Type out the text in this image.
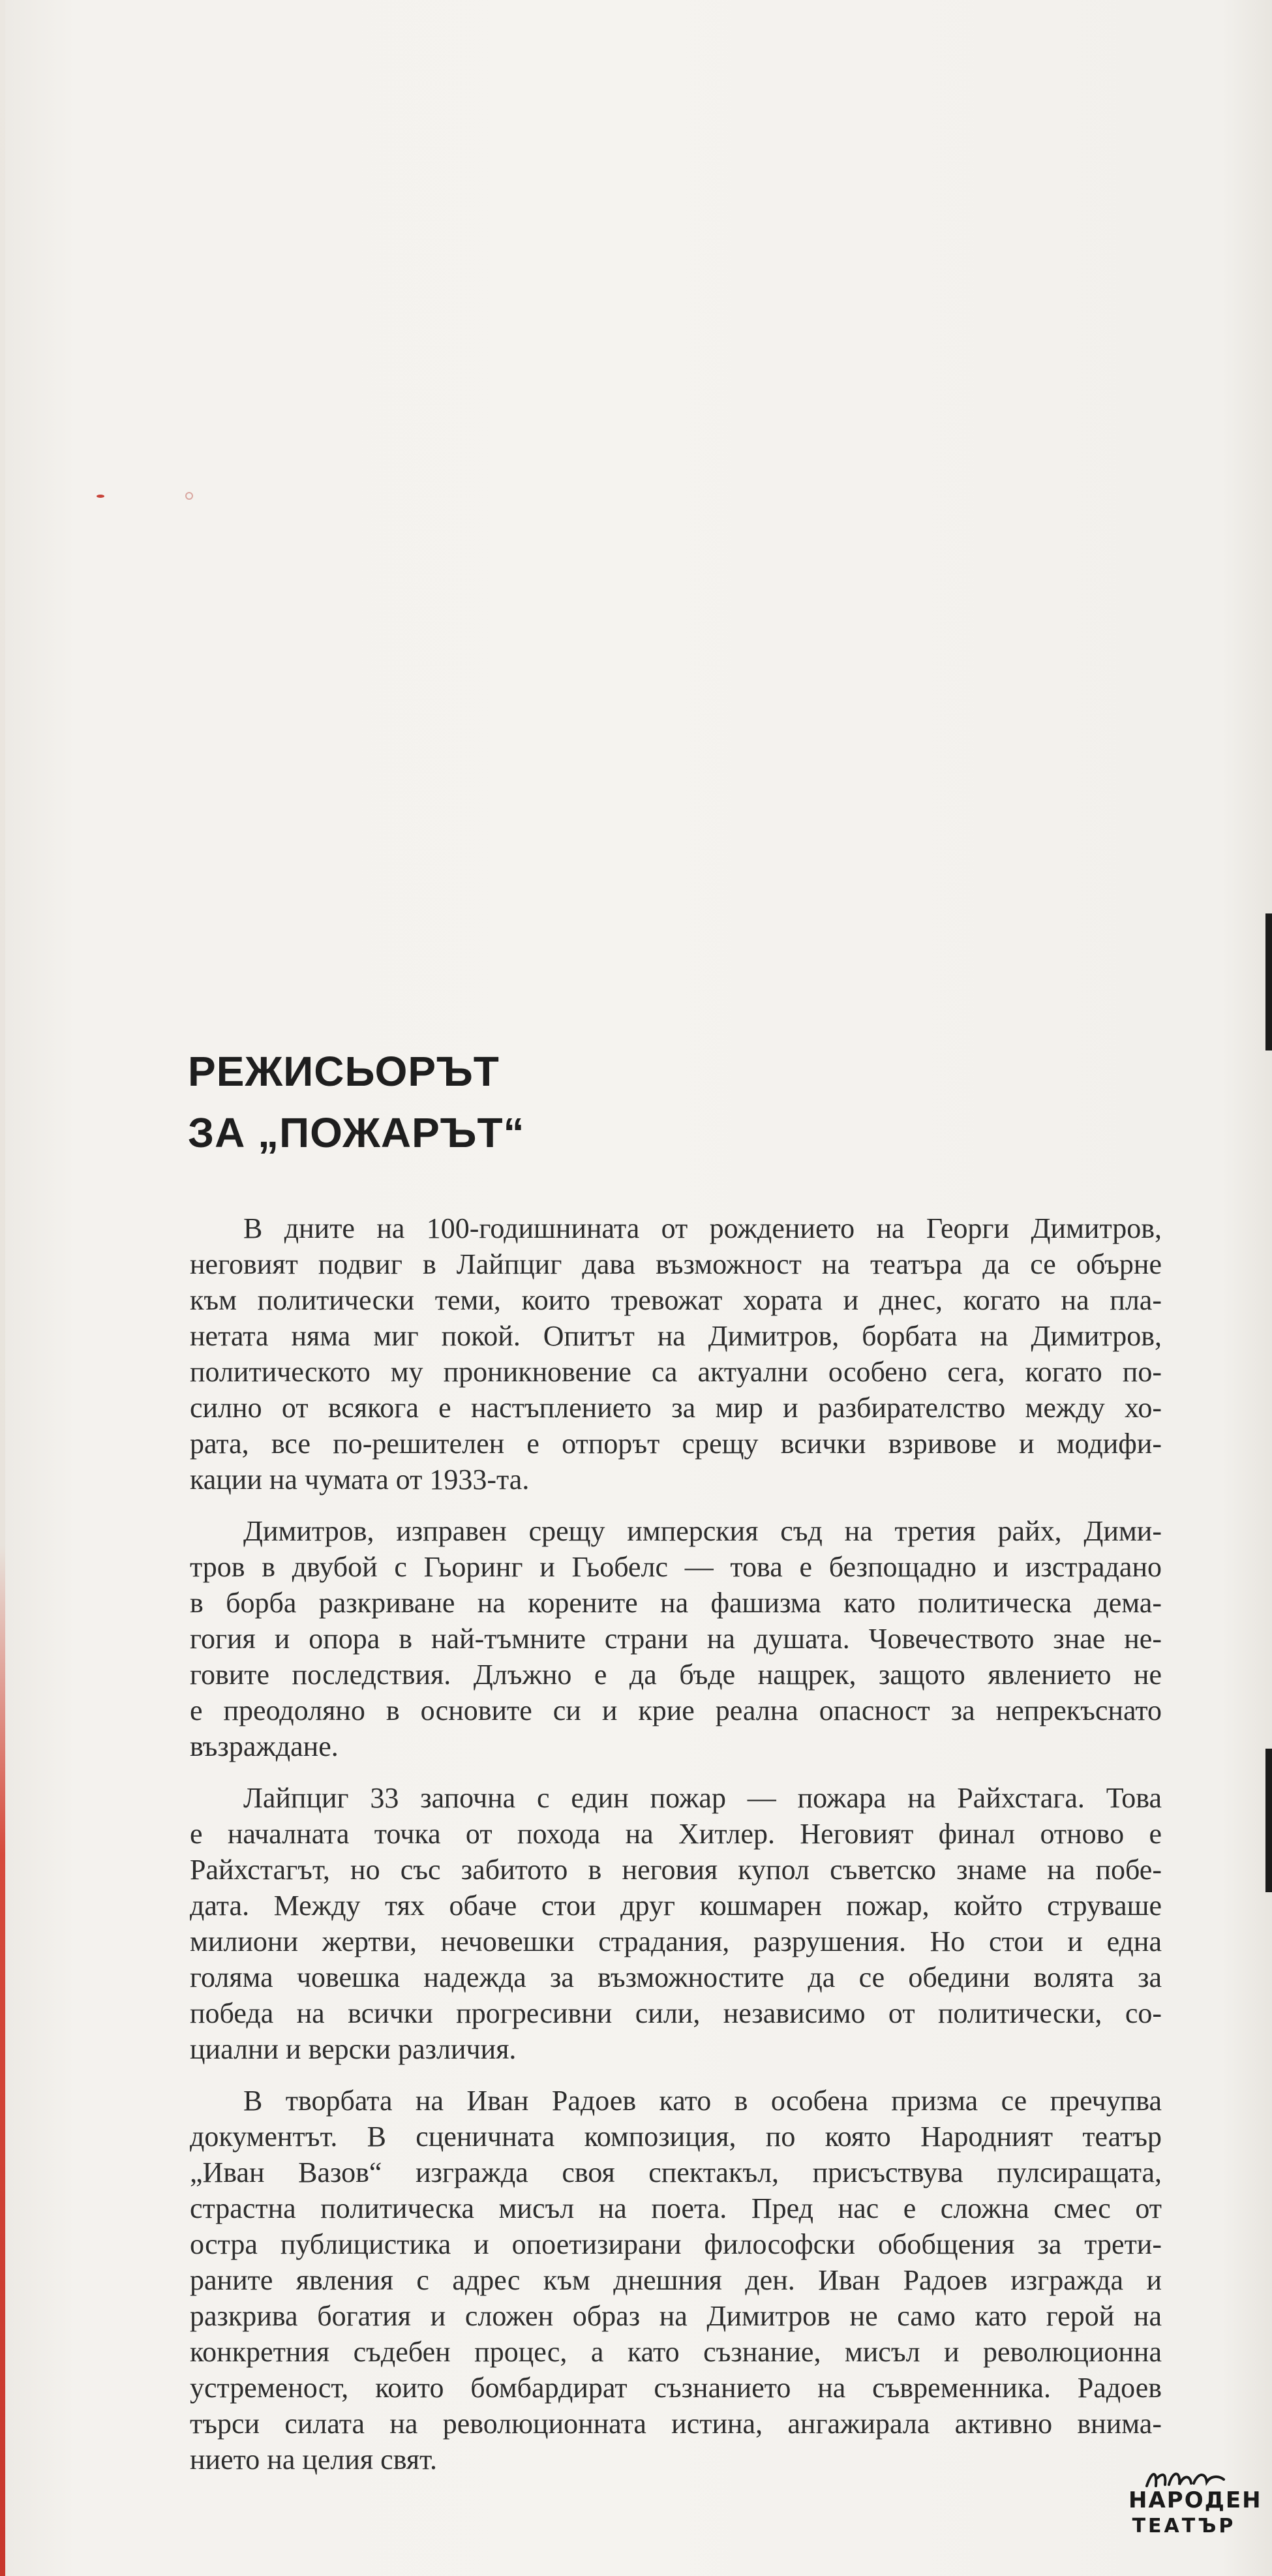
РЕЖИСЬОРЪТ
ЗА „ПОЖАРЪТ“
В дните на 100-годишнината от рождението на Георги Димитров,
неговият подвиг в Лайпциг дава възможност на театъра да се обърне
към политически теми, които тревожат хората и днес, когато на пла-
нетата няма миг покой. Опитът на Димитров, борбата на Димитров,
политическото му проникновение са актуални особено сега, когато по-
силно от всякога е настъплението за мир и разбирателство между хо-
рата, все по-решителен е отпорът срещу всички взривове и модифи-
кации на чумата от 1933-та.
Димитров, изправен срещу имперския съд на третия райх, Дими-
тров в двубой с Гьоринг и Гьобелс — това е безпощадно и изстрадано
в борба разкриване на корените на фашизма като политическа дема-
гогия и опора в най-тъмните страни на душата. Човечеството знае не-
говите последствия. Длъжно е да бъде нащрек, защото явлението не
е преодоляно в основите си и крие реална опасност за непрекъснато
възраждане.
Лайпциг 33 започна с един пожар — пожара на Райхстага. Това
е началната точка от похода на Хитлер. Неговият финал отново е
Райхстагът, но със забитото в неговия купол съветско знаме на побе-
дата. Между тях обаче стои друг кошмарен пожар, който струваше
милиони жертви, нечовешки страдания, разрушения. Но стои и една
голяма човешка надежда за възможностите да се обедини волята за
победа на всички прогресивни сили, независимо от политически, со-
циални и верски различия.
В творбата на Иван Радоев като в особена призма се пречупва
документът. В сценичната композиция, по която Народният театър
„Иван Вазов“ изгражда своя спектакъл, присъствува пулсиращата,
страстна политическа мисъл на поета. Пред нас е сложна смес от
остра публицистика и опоетизирани философски обобщения за трети-
раните явления с адрес към днешния ден. Иван Радоев изгражда и
разкрива богатия и сложен образ на Димитров не само като герой на
конкретния съдебен процес, а като съзнание, мисъл и революционна
устременост, които бомбардират съзнанието на съвременника. Радоев
търси силата на революционната истина, ангажирала активно внима-
нието на целия свят.
НАРОДЕН
ТЕАТЪР
